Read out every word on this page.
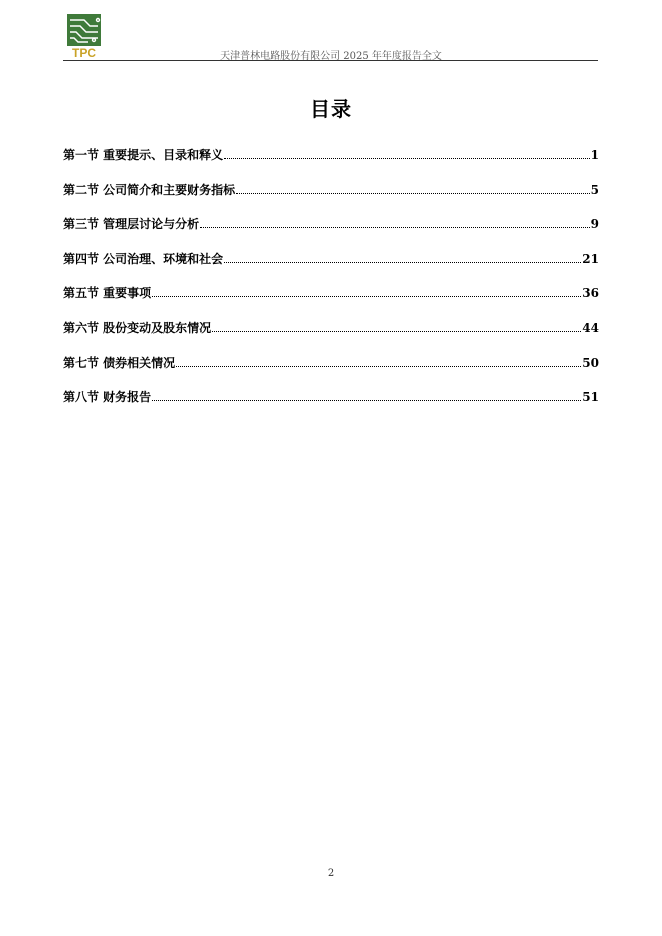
TPC	天津普林电路股份有限公司 2025 年年度报告全文
目录
第一节 重要提示、目录和释义	1
第二节 公司简介和主要财务指标	5
第三节 管理层讨论与分析	9
第四节 公司治理、环境和社会	21
第五节 重要事项	36
第六节 股份变动及股东情况	44
第七节 债券相关情况	50
第八节 财务报告	51
2
